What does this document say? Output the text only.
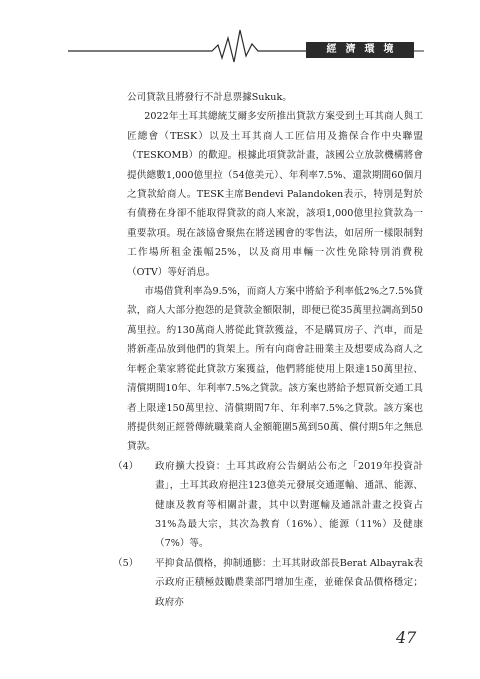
經濟環境

公司貸款且將發行不計息票據Sukuk。

2022年土耳其總統艾爾多安所推出貸款方案受到土耳其商人與工匠總會（TESK）以及土耳其商人工匠信用及擔保合作中央聯盟（TESKOMB）的歡迎。根據此項貸款計畫，該國公立放款機構將會提供總數1,000億里拉（54億美元）、年利率7.5%、還款期間60個月之貸款給商人。TESK主席Bendevi Palandoken表示，特別是對於有債務在身卻不能取得貸款的商人來說，該項1,000億里拉貸款為一重要款項。現在該協會聚焦在將送國會的零售法，如居所一樣限制對工作場所租金漲幅25%，以及商用車輛一次性免除特別消費稅（OTV）等好消息。

市場借貸利率為9.5%，而商人方案中將給予利率低2%之7.5%貸款，商人大部分抱怨的是貸款金額限制，即便已從35萬里拉調高到50萬里拉。約130萬商人將從此貸款獲益，不是購買房子、汽車，而是將新產品放到他們的貨架上。所有向商會註冊業主及想要成為商人之年輕企業家將從此貸款方案獲益，他們將能使用上限達150萬里拉、清償期間10年、年利率7.5%之貸款。該方案也將給予想買新交通工具者上限達150萬里拉、清償期間7年、年利率7.5%之貸款。該方案也將提供刻正經營傳統職業商人金額範圍5萬到50萬、償付期5年之無息貸款。

（4） 政府擴大投資：土耳其政府公告網站公布之「2019年投資計畫」，土耳其政府挹注123億美元發展交通運輸、通訊、能源、健康及教育等相關計畫，其中以對運輸及通訊計畫之投資占31%為最大宗，其次為教育（16%）、能源（11%）及健康（7%）等。

（5） 平抑食品價格，抑制通膨：土耳其財政部長Berat Albayrak表示政府正積極鼓勵農業部門增加生產，並確保食品價格穩定；政府亦

47
